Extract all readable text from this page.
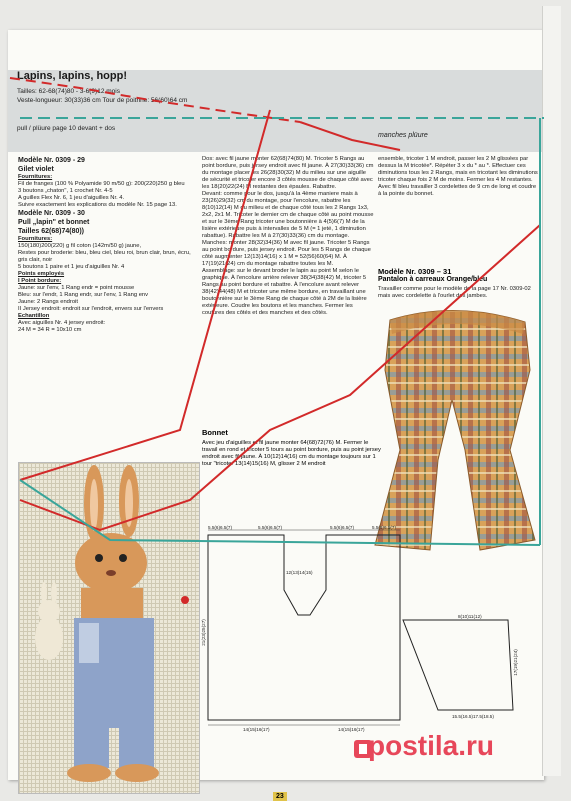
Lapins, lapins, hopp!
Tailles: 62-68(74)80 - 3-6(9)12 mois
Veste-longueur: 30(33)36 cm Tour de poitrine: 56(60)64 cm
pull / plüure page 10 devant + dos
manches plüure

Modèle Nr. 0309 - 29

Gilet violet

Fournitures:

Fil de franges (100 % Polyamide 90 m/50 g): 200(220)250 g bleu

3 boutons „chaton", 1 crochet Nr. 4-5

A guilles Flex Nr. 6, 1 jeu d'aiguilles Nr. 4.

Suivre exactement les explications du modèle Nr. 15 page 13.

Modèle Nr. 0309 - 30

Pull „lapin" et bonnet

Tailles 62(68)74(80))

Fournitures:

150(180)200(220) g fil coton (142m/50 g) jaune,

Restes pour broderie: bleu, bleu ciel, bleu roi, brun clair, brun, écru, gris clair, noir

5 boutons 1 paire et 1 jeu d'aiguilles Nr. 4

Points employés

I Point bordure:

Jaune: sur l'env, 1 Rang endr = point mousse

Bleu: sur l'endr, 1 Rang endr, sur l'env, 1 Rang env

Jaune: 2 Rangs endroit

II Jersey endroit: endroit sur l'endroit, envers sur l'envers

Echantillon

Avec aiguilles Nr. 4 jersey endroit:

24 M = 34 R = 10x10 cm

Dos: avec fil jaune monter 62(68)74(80) M. Tricoter 5 Rangs au point bordure, puis jersey endroit avec fil jaune. À 27(30)33(36) cm du montage placer les 26(28)30(32) M du milieu sur une aiguille de sécurité et tricoter encore 3 côtés mousse de chaque côté avec les 18(20)22(24) M restantes des épaules. Rabattre.

Devant: comme pour le dos, jusqu'à la 4ème maniere mais à 23(26)29(32) cm du montage, pour l'encolure, rabattre les 8(10)12(14) M du milieu et de chaque côté tous les 2 Rangs 1x3, 2x2, 2x1 M. Tricoter le dernier cm de chaque côté au point mousse et sur le 3ème Rang tricoter une boutonnière à 4(5)6(7) M de la lisière extérieure puis à intervalles de 5 M (= 1 jeté, 1 diminution rabattue). Rabattre les M à 27(30)33(36) cm du montage.

Manches: monter 28(32)34(36) M avec fil jaune. Tricoter 5 Rangs au point bordure, puis jersey endroit. Pour les 5 Rangs de chaque côté augmenter 12(13)14(16) x 1 M = 52(56)60(64) M. À 17(19)21(24) cm du montage rabattre toutes les M.

Assemblage: sur le devant broder le lapin au point M selon le graphique. À l'encolure arrière relever 38(34)38(42) M, tricoter 5 Rangs au point bordure et rabattre. À l'encolure avant relever 38(42)44(48) M et tricoter une même bordure, en travaillant une boutonnière sur le 3ème Rang de chaque côté à 2M de la lisière extérieure. Coudre les boutons et les manches. Fermer les coutures des côtés et des manches et des côtés.

ensemble, tricoter 1 M endroit, passer les 2 M glissées par dessus la M tricotée*. Répéter 3 x du * au *. Effectuer ces diminutions tous les 2 Rangs, mais en tricotant les diminutions tricoter chaque fois 2 M de moins. Fermer les 4 M restantes. Avec fil bleu travailler 3 cordelettes de 9 cm de long et coudre à la pointe du bonnet.

Modèle Nr. 0309 – 31
Pantalon à carreaux Orange/bleu
Travailler comme pour le modèle de la page 17 Nr. 0309-02 mais avec cordelette à l'ourlet des jambes.
Bonnet
Avec jeu d'aiguilles et fil jaune monter 64(68)72(76) M. Fermer le travail en rond et tricoter 5 tours au point bordure, puis au point jersey endroit avec fil jaune. À 10(12)14(16) cm du montage toujours sur 1 tour "tricoter 13(14)15(16) M, glisser 2 M endroit
5.5(6)6.5(7)	5.5(6)6.5(7)	5.5(6)6.5(7)	5.5(6)6.5(7)
12(13)14(15)
21(23)25(27)
14(15)16(17)	14(15)16(17)
8(10)11(12)
15.5(16.5)17.5(18.5)
17(19)21(24)
23
postila.ru
